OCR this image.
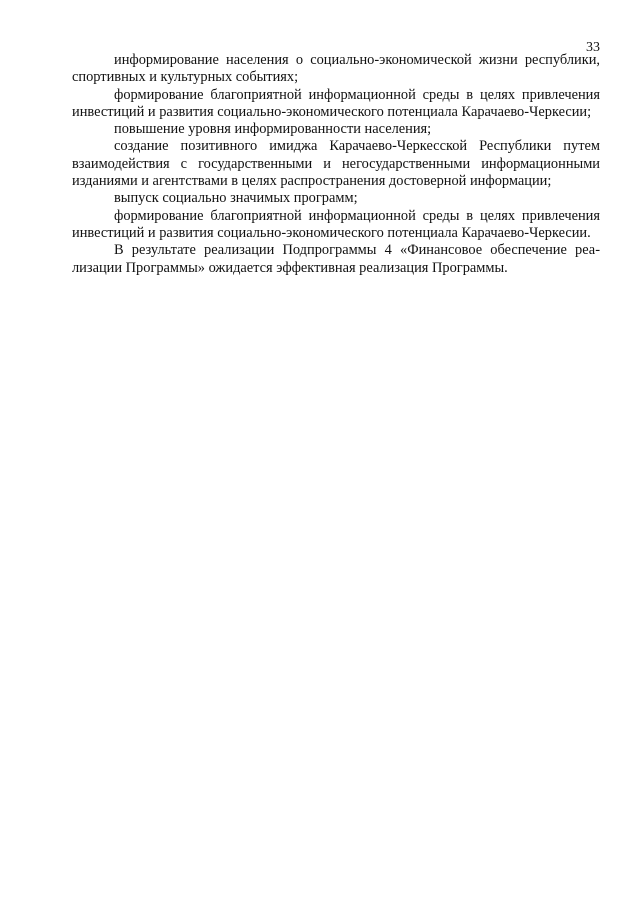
33

информирование населения о социально-экономической жизни республики, спортивных и культурных событиях;

формирование благоприятной информационной среды в целях привлечения инвестиций и развития социально-экономического потенциала Карачаево-Черкесии;

повышение уровня информированности населения;

создание позитивного имиджа Карачаево-Черкесской Республики путем взаимодействия с государственными и негосударственными информационными изданиями и агентствами в целях распространения достоверной информации;

выпуск социально значимых программ;

формирование благоприятной информационной среды в целях привлечения инвестиций и развития социально-экономического потенциала Карачаево-Черкесии.

В результате реализации Подпрограммы 4 «Финансовое обеспечение реализации Программы» ожидается эффективная реализация Программы.
